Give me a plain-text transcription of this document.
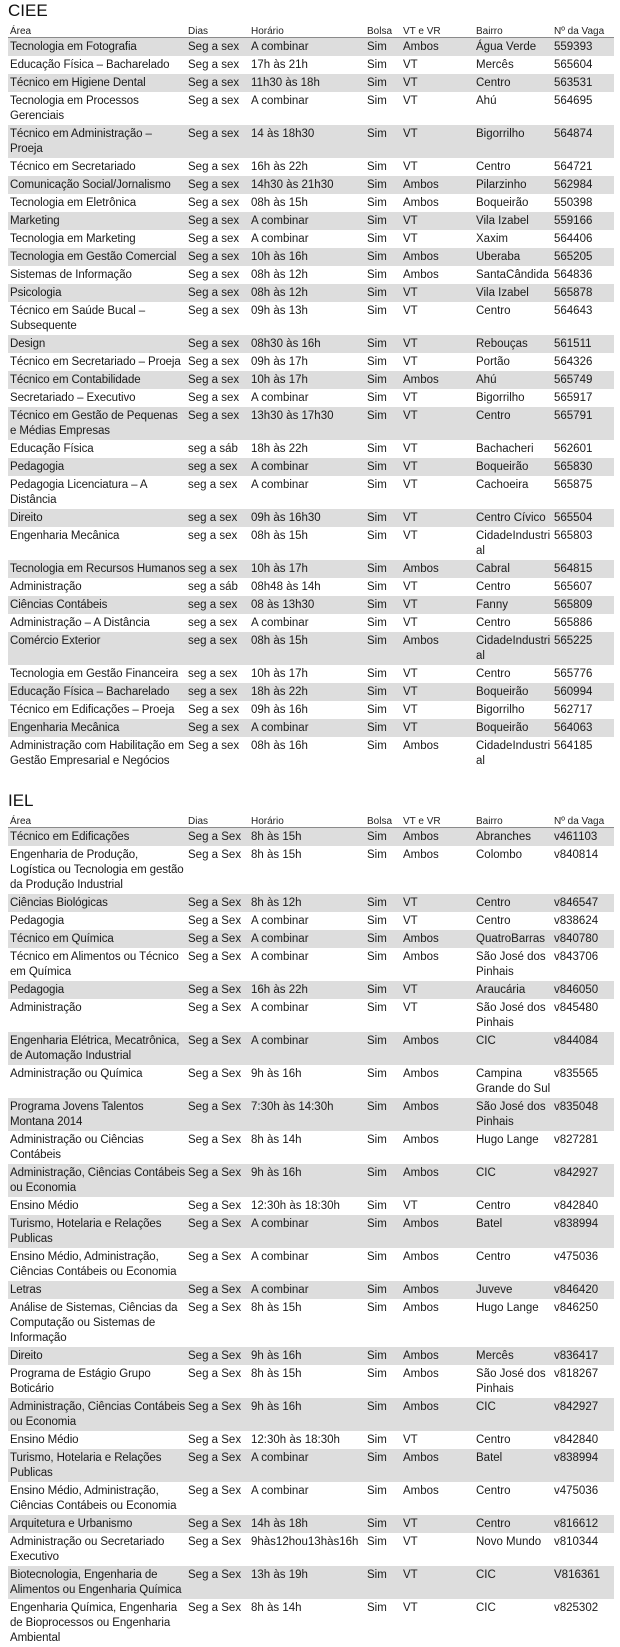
CIEE
Área	Dias	Horário	Bolsa	VT e VR	Bairro	Nº da Vaga
Tecnologia em Fotografia	Seg a sex	A combinar	Sim	Ambos	Água Verde	559393
Educação Física – Bacharelado	Seg a sex	17h às 21h	Sim	VT	Mercês	565604
Técnico em Higiene Dental	Seg a sex	11h30 às 18h	Sim	VT	Centro	563531
Tecnologia em Processos Gerenciais	Seg a sex	A combinar	Sim	VT	Ahú	564695
Técnico em Administração – Proeja	Seg a sex	14 às 18h30	Sim	VT	Bigorrilho	564874
Técnico em Secretariado	Seg a sex	16h às 22h	Sim	VT	Centro	564721
Comunicação Social/Jornalismo	Seg a sex	14h30 às 21h30	Sim	Ambos	Pilarzinho	562984
Tecnologia em Eletrônica	Seg a sex	08h às 15h	Sim	Ambos	Boqueirão	550398
Marketing	Seg a sex	A combinar	Sim	VT	Vila Izabel	559166
Tecnologia em Marketing	Seg a sex	A combinar	Sim	VT	Xaxim	564406
Tecnologia em Gestão Comercial	Seg a sex	10h às 16h	Sim	Ambos	Uberaba	565205
Sistemas de Informação	Seg a sex	08h às 12h	Sim	Ambos	SantaCândida	564836
Psicologia	Seg a sex	08h às 12h	Sim	VT	Vila Izabel	565878
Técnico em Saúde Bucal – Subsequente	Seg a sex	09h às 13h	Sim	VT	Centro	564643
Design	Seg a sex	08h30 às 16h	Sim	VT	Rebouças	561511
Técnico em Secretariado – Proeja	Seg a sex	09h às 17h	Sim	VT	Portão	564326
Técnico em Contabilidade	Seg a sex	10h às 17h	Sim	Ambos	Ahú	565749
Secretariado – Executivo	Seg a sex	A combinar	Sim	VT	Bigorrilho	565917
Técnico em Gestão de Pequenas e Médias Empresas	Seg a sex	13h30 às 17h30	Sim	VT	Centro	565791
Educação Física	seg a sáb	18h às 22h	Sim	VT	Bachacheri	562601
Pedagogia	seg a sex	A combinar	Sim	VT	Boqueirão	565830
Pedagogia Licenciatura – A Distância	seg a sex	A combinar	Sim	VT	Cachoeira	565875
Direito	seg a sex	09h às 16h30	Sim	VT	Centro Cívico	565504
Engenharia Mecânica	seg a sex	08h às 15h	Sim	VT	CidadeIndustrial	565803
Tecnologia em Recursos Humanos	seg a sex	10h às 17h	Sim	Ambos	Cabral	564815
Administração	seg a sáb	08h48 às 14h	Sim	VT	Centro	565607
Ciências Contábeis	seg a sex	08 às 13h30	Sim	VT	Fanny	565809
Administração – A Distância	seg a sex	A combinar	Sim	VT	Centro	565886
Comércio Exterior	seg a sex	08h às 15h	Sim	Ambos	CidadeIndustrial	565225
Tecnologia em Gestão Financeira	seg a sex	10h às 17h	Sim	VT	Centro	565776
Educação Física – Bacharelado	seg a sex	18h às 22h	Sim	VT	Boqueirão	560994
Técnico em Edificações – Proeja	Seg a sex	09h às 16h	Sim	VT	Bigorrilho	562717
Engenharia Mecânica	Seg a sex	A combinar	Sim	VT	Boqueirão	564063
Administração com Habilitação em Gestão Empresarial e Negócios	Seg a sex	08h às 16h	Sim	Ambos	CidadeIndustrial	564185
IEL
Área	Dias	Horário	Bolsa	VT e VR	Bairro	Nº da Vaga
Técnico em Edificações	Seg a Sex	8h às 15h	Sim	Ambos	Abranches	v461103
Engenharia de Produção, Logística ou Tecnologia em gestão da Produção Industrial	Seg a Sex	8h às 15h	Sim	Ambos	Colombo	v840814
Ciências Biológicas	Seg a Sex	8h às 12h	Sim	VT	Centro	v846547
Pedagogia	Seg a Sex	A combinar	Sim	VT	Centro	v838624
Técnico em Química	Seg a Sex	A combinar	Sim	Ambos	QuatroBarras	v840780
Técnico em Alimentos ou Técnico em Química	Seg a Sex	A combinar	Sim	Ambos	São José dos Pinhais	v843706
Pedagogia	Seg a Sex	16h às 22h	Sim	VT	Araucária	v846050
Administração	Seg a Sex	A combinar	Sim	VT	São José dos Pinhais	v845480
Engenharia Elétrica, Mecatrônica, de Automação Industrial	Seg a Sex	A combinar	Sim	Ambos	CIC	v844084
Administração ou Química	Seg a Sex	9h às 16h	Sim	Ambos	Campina Grande do Sul	v835565
Programa Jovens Talentos Montana 2014	Seg a Sex	7:30h às 14:30h	Sim	Ambos	São José dos Pinhais	v835048
Administração ou Ciências Contábeis	Seg a Sex	8h às 14h	Sim	Ambos	Hugo Lange	v827281
Administração, Ciências Contábeis ou Economia	Seg a Sex	9h às 16h	Sim	Ambos	CIC	v842927
Ensino Médio	Seg a Sex	12:30h às 18:30h	Sim	VT	Centro	v842840
Turismo, Hotelaria e Relações Publicas	Seg a Sex	A combinar	Sim	Ambos	Batel	v838994
Ensino Médio, Administração, Ciências Contábeis ou Economia	Seg a Sex	A combinar	Sim	Ambos	Centro	v475036
Letras	Seg a Sex	A combinar	Sim	Ambos	Juveve	v846420
Análise de Sistemas, Ciências da Computação ou Sistemas de Informação	Seg a Sex	8h às 15h	Sim	Ambos	Hugo Lange	v846250
Direito	Seg a Sex	9h às 16h	Sim	Ambos	Mercês	v836417
Programa de Estágio Grupo Boticário	Seg a Sex	8h às 15h	Sim	Ambos	São José dos Pinhais	v818267
Administração, Ciências Contábeis ou Economia	Seg a Sex	9h às 16h	Sim	Ambos	CIC	v842927
Ensino Médio	Seg a Sex	12:30h às 18:30h	Sim	VT	Centro	v842840
Turismo, Hotelaria e Relações Publicas	Seg a Sex	A combinar	Sim	Ambos	Batel	v838994
Ensino Médio, Administração, Ciências Contábeis ou Economia	Seg a Sex	A combinar	Sim	Ambos	Centro	v475036
Arquitetura e Urbanismo	Seg a Sex	14h às 18h	Sim	VT	Centro	v816612
Administração ou Secretariado Executivo	Seg a Sex	9hàs12hou13hàs16h	Sim	VT	Novo Mundo	v810344
Biotecnologia, Engenharia de Alimentos ou Engenharia Química	Seg a Sex	13h às 19h	Sim	VT	CIC	V816361
Engenharia Química, Engenharia de Bioprocessos ou Engenharia Ambiental	Seg a Sex	8h às 14h	Sim	VT	CIC	v825302
